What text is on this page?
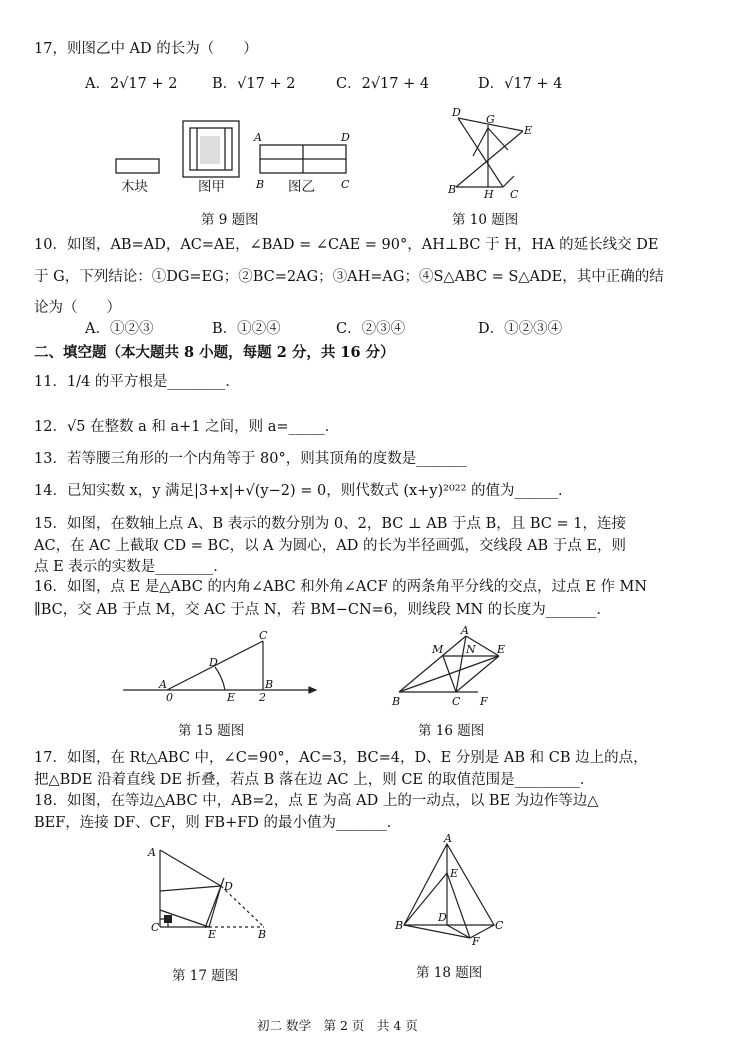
17，则图乙中 AD 的长为（　　）
A．2√17 + 2 B．√17 + 2	C．2√17 + 4	D．√17 + 4
A	D
B	C
D
G
E
B	H C
木块	图甲	图乙
第 9 题图	第 10 题图
10．如图，AB=AD，AC=AE，∠BAD = ∠CAE = 90°，AH⊥BC 于 H，HA 的延长线交 DE
于 G，下列结论：①DG=EG；②BC=2AG；③AH=AG；④S△ABC = S△ADE，其中正确的结
论为（　　）
A．①②③	B．①②④	C．②③④	D．①②③④
二、填空题（本大题共 8 小题，每题 2 分，共 16 分）
11．1/4 的平方根是________．
12．√5 在整数 a 和 a+1 之间，则 a=_____．
13．若等腰三角形的一个内角等于 80°，则其顶角的度数是_______
14．已知实数 x，y 满足|3+x|+√(y−2) = 0，则代数式 (x+y)²⁰²² 的值为______．
15．如图，在数轴上点 A、B 表示的数分别为 0、2，BC ⊥ AB 于点 B，且 BC = 1，连接
AC，在 AC 上截取 CD = BC，以 A 为圆心，AD 的长为半径画弧，交线段 AB 于点 E，则
点 E 表示的实数是________．
16．如图，点 E 是△ABC 的内角∠ABC 和外角∠ACF 的两条角平分线的交点，过点 E 作 MN
∥BC，交 AB 于点 M，交 AC 于点 N，若 BM−CN=6，则线段 MN 的长度为_______．
C
D
A
0	E
B
2
A
M N E
B	C F
第 15 题图	第 16 题图
17．如图，在 Rt△ABC 中，∠C=90°，AC=3，BC=4，D、E 分别是 AB 和 CB 边上的点，
把△BDE 沿着直线 DE 折叠，若点 B 落在边 AC 上，则 CE 的取值范围是_________．
18．如图，在等边△ABC 中，AB=2，点 E 为高 AD 上的一动点，以 BE 为边作等边△
BEF，连接 DF、CF，则 FB+FD 的最小值为_______．
A
D
C
E	B
A
E
D
B	C
F
第 17 题图	第 18 题图
初二 数学　第 2 页　共 4 页
